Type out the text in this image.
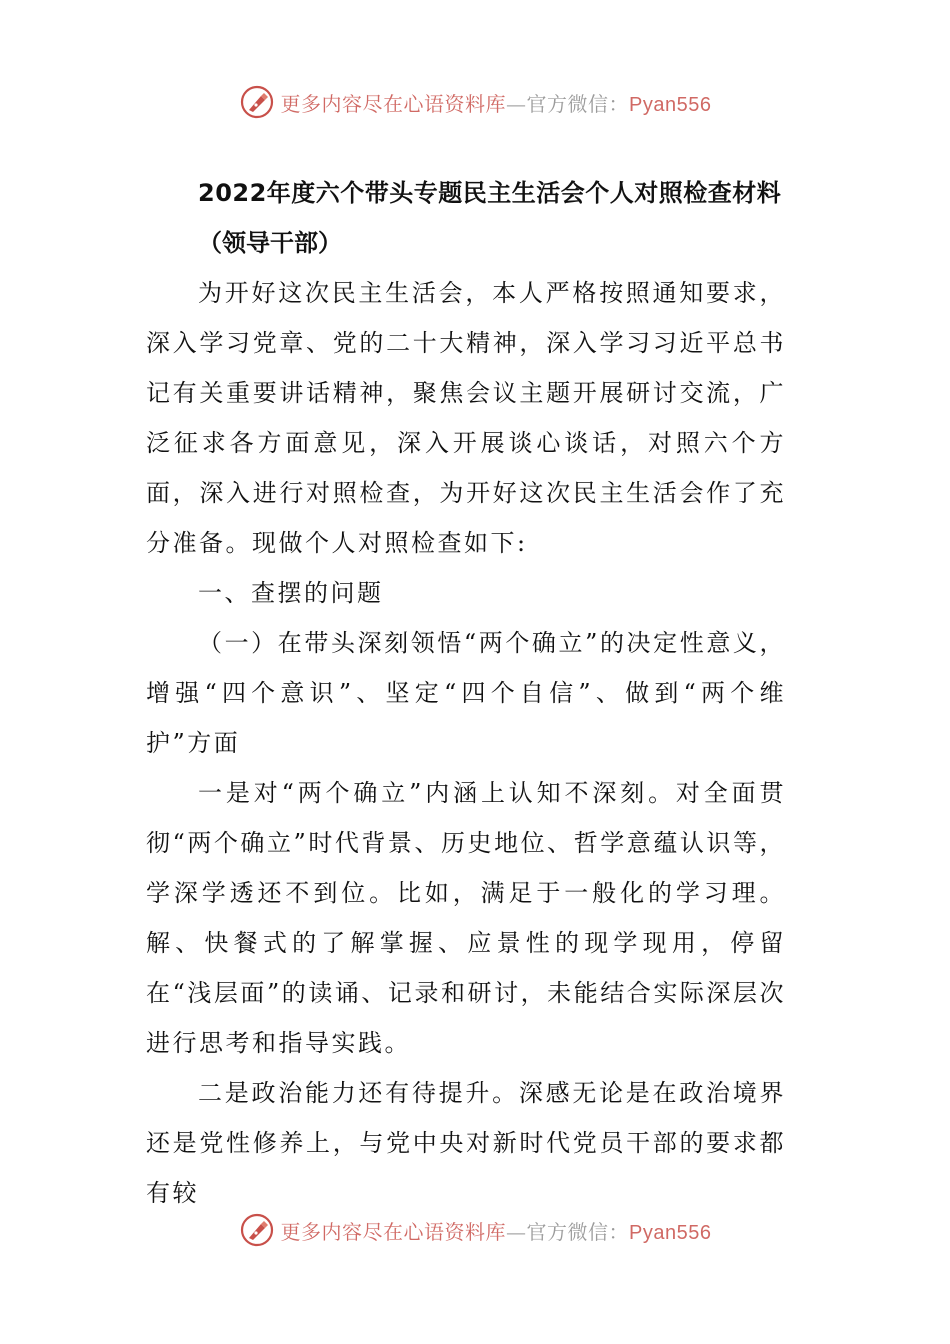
更多内容尽在心语资料库—官方微信：Pyan556
2022年度六个带头专题民主生活会个人对照检查材料
（领导干部）

为开好这次民主生活会，本人严格按照通知要求，深入学习党章、党的二十大精神，深入学习习近平总书记有关重要讲话精神，聚焦会议主题开展研讨交流，广泛征求各方面意见，深入开展谈心谈话，对照六个方面，深入进行对照检查，为开好这次民主生活会作了充分准备。现做个人对照检查如下:

一、查摆的问题

（一）在带头深刻领悟“两个确立”的决定性意义，增强“四个意识”、坚定“四个自信”、做到“两个维护”方面

一是对“两个确立”内涵上认知不深刻。对全面贯彻“两个确立”时代背景、历史地位、哲学意蕴认识等，学深学透还不到位。比如，满足于一般化的学习理。解、快餐式的了解掌握、应景性的现学现用，停留在“浅层面”的读诵、记录和研讨，未能结合实际深层次进行思考和指导实践。

二是政治能力还有待提升。深感无论是在政治境界还是党性修养上，与党中央对新时代党员干部的要求都有较

更多内容尽在心语资料库—官方微信：Pyan556
